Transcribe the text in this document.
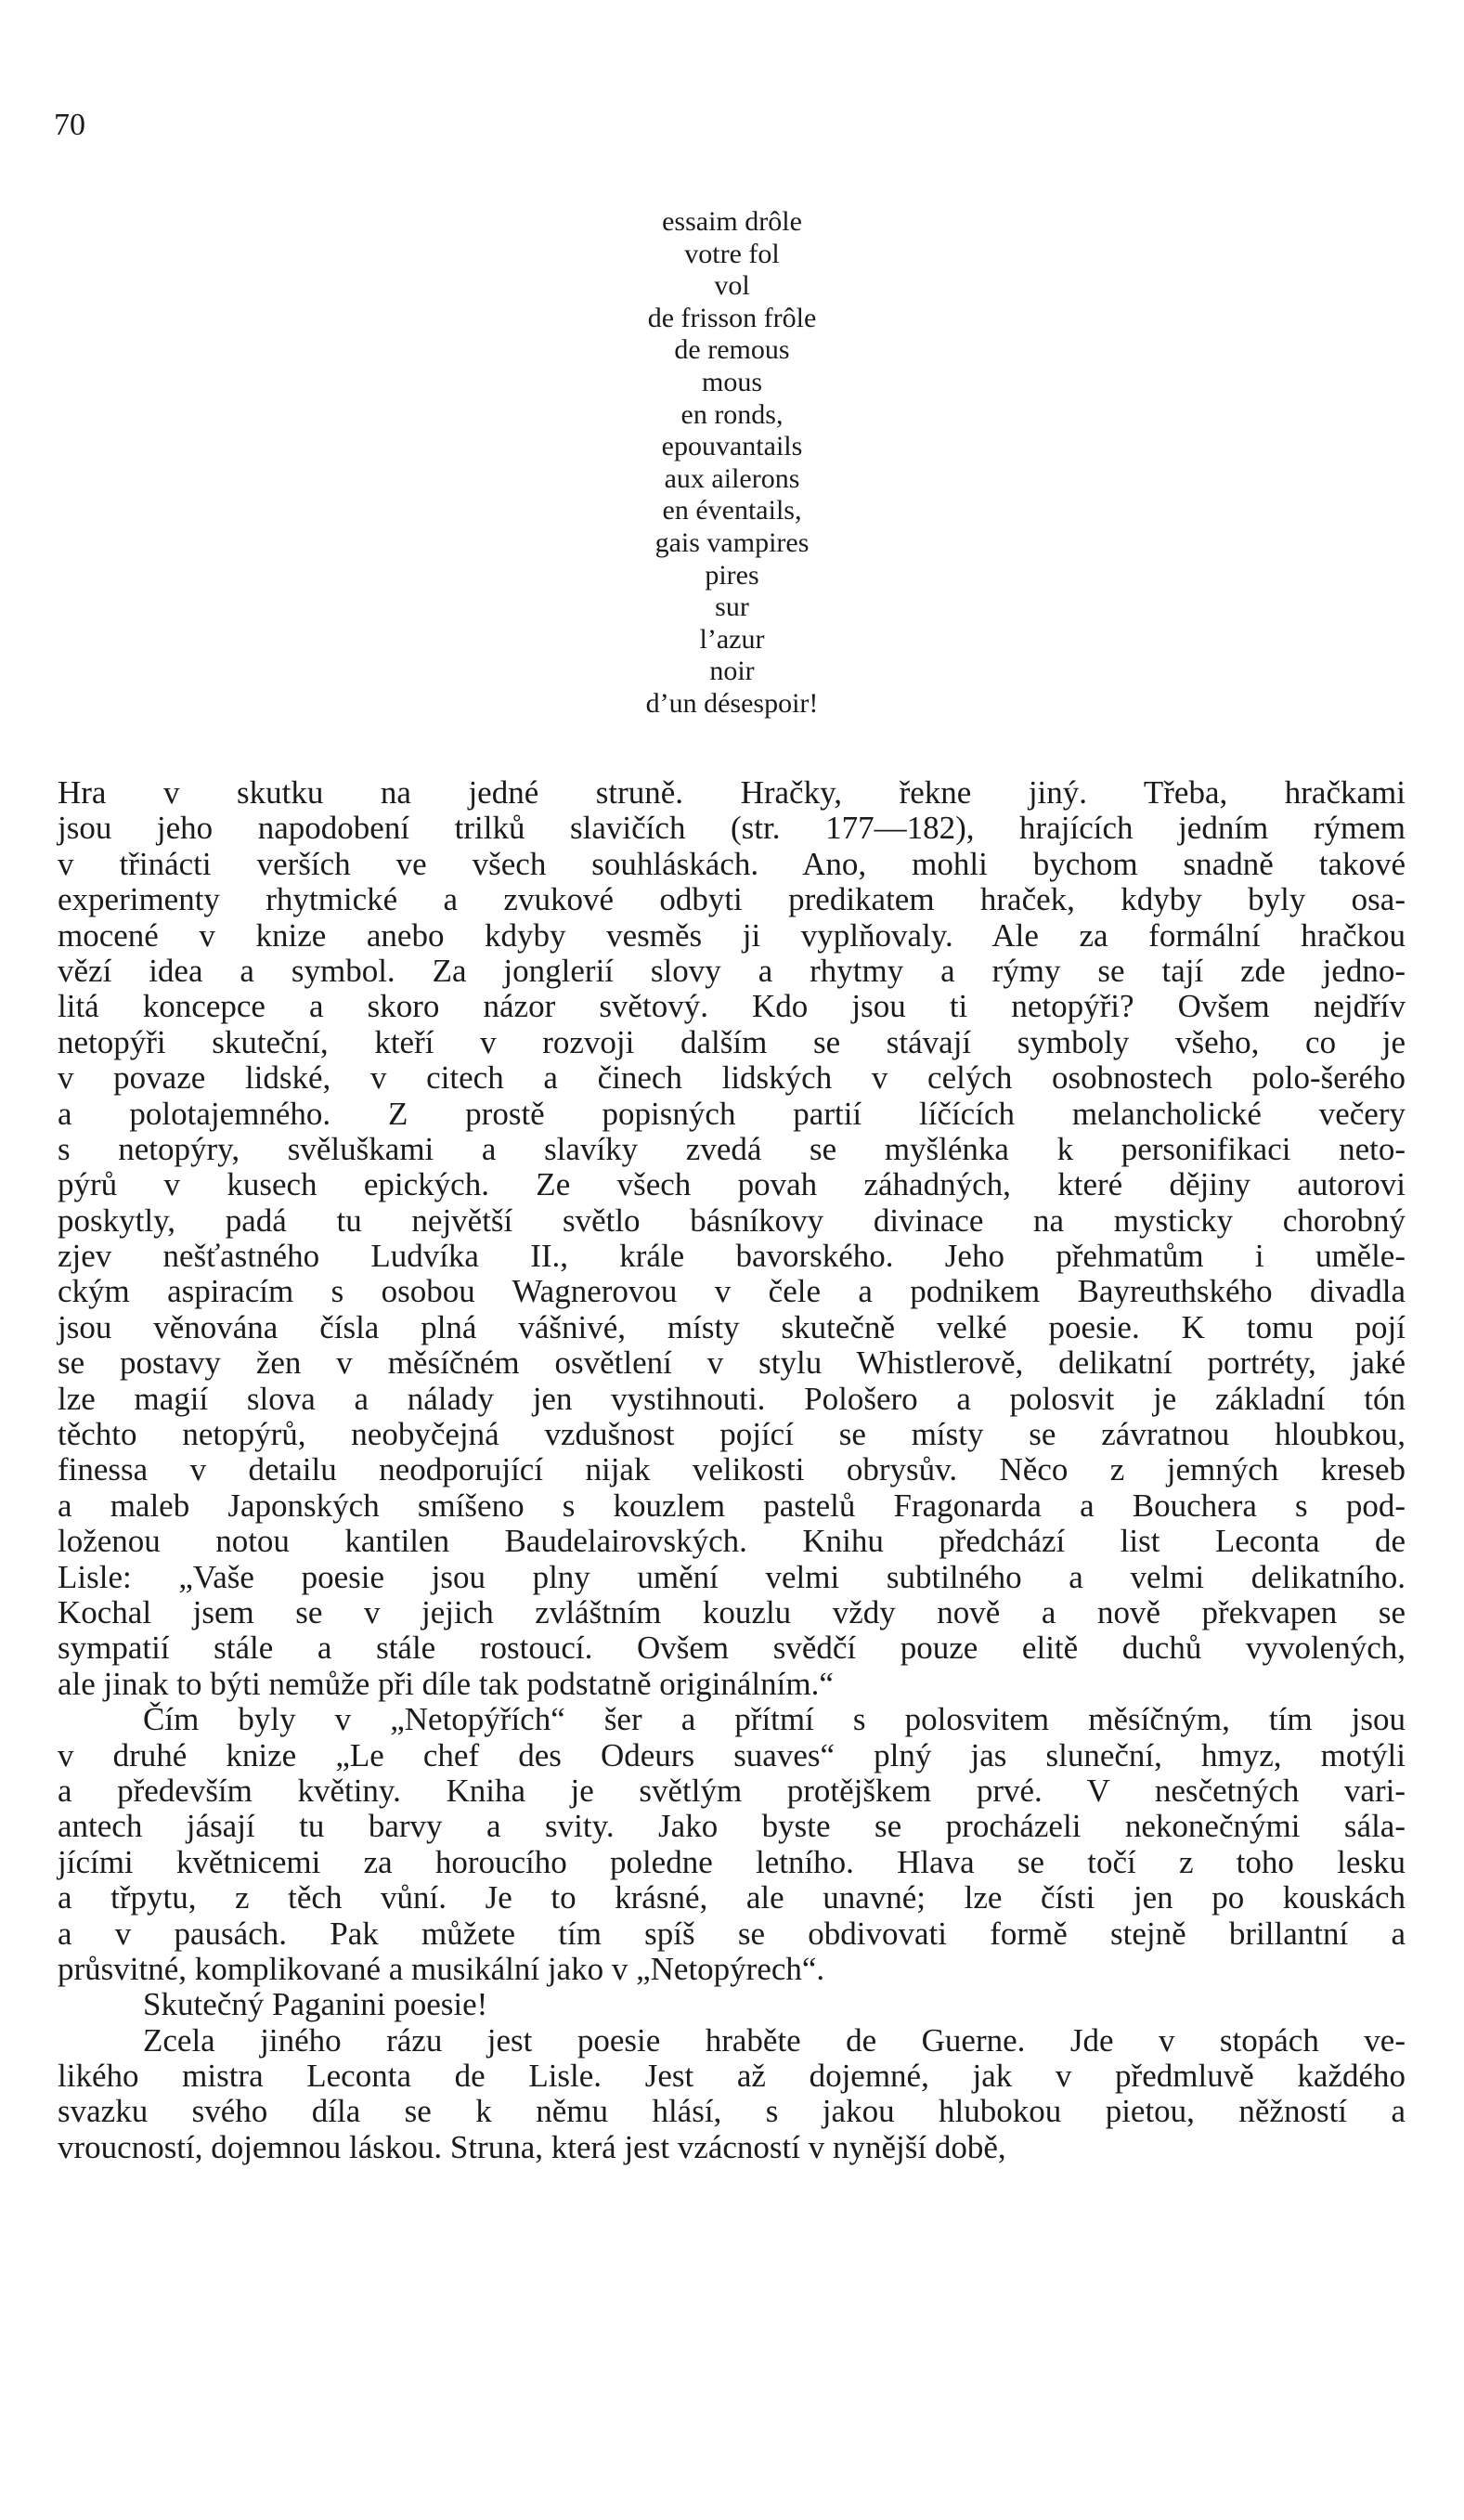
70
essaim drôle
votre fol
vol
de frisson frôle
de remous
mous
en ronds,
epouvantails
aux ailerons
en éventails,
gais vampires
pires
sur
l’azur
noir
d’un désespoir!
Hra v skutku na jedné struně. Hračky, řekne jiný. Třeba, hračkami
jsou jeho napodobení trilků slavičích (str. 177—182), hrajících jedním rýmem
v třinácti verších ve všech souhláskách. Ano, mohli bychom snadně takové
experimenty rhytmické a zvukové odbyti predikatem hraček, kdyby byly osa-
mocené v knize anebo kdyby vesměs ji vyplňovaly. Ale za formální hračkou
vězí idea a symbol. Za jonglerií slovy a rhytmy a rýmy se tají zde jedno-
litá koncepce a skoro názor světový. Kdo jsou ti netopýři? Ovšem nejdřív
netopýři skuteční, kteří v rozvoji dalším se stávají symboly všeho, co je
v povaze lidské, v citech a činech lidských v celých osobnostech polo-šerého
a polotajemného. Z prostě popisných partií líčících melancholické večery
s netopýry, svěluškami a slavíky zvedá se myšlénka k personifikaci neto-
pýrů v kusech epických. Ze všech povah záhadných, které dějiny autorovi
poskytly, padá tu největší světlo básníkovy divinace na mysticky chorobný
zjev nešťastného Ludvíka II., krále bavorského. Jeho přehmatům i uměle-
ckým aspiracím s osobou Wagnerovou v čele a podnikem Bayreuthského divadla
jsou věnována čísla plná vášnivé, místy skutečně velké poesie. K tomu pojí
se postavy žen v měsíčném osvětlení v stylu Whistlerově, delikatní portréty, jaké
lze magií slova a nálady jen vystihnouti. Pološero a polosvit je základní tón
těchto netopýrů, neobyčejná vzdušnost pojící se místy se závratnou hloubkou,
finessa v detailu neodporující nijak velikosti obrysův. Něco z jemných kreseb
a maleb Japonských smíšeno s kouzlem pastelů Fragonarda a Bouchera s pod-
loženou notou kantilen Baudelairovských. Knihu předchází list Leconta de
Lisle: „Vaše poesie jsou plny umění velmi subtilného a velmi delikatního.
Kochal jsem se v jejich zvláštním kouzlu vždy nově a nově překvapen se
sympatií stále a stále rostoucí. Ovšem svědčí pouze elitě duchů vyvolených,
ale jinak to býti nemůže při díle tak podstatně originálním.“
Čím byly v „Netopýřích“ šer a přítmí s polosvitem měsíčným, tím jsou
v druhé knize „Le chef des Odeurs suaves“ plný jas sluneční, hmyz, motýli
a především květiny. Kniha je světlým protějškem prvé. V nesčetných vari-
antech jásají tu barvy a svity. Jako byste se procházeli nekonečnými sála-
jícími květnicemi za horoucího poledne letního. Hlava se točí z toho lesku
a třpytu, z těch vůní. Je to krásné, ale unavné; lze čísti jen po kouskách
a v pausách. Pak můžete tím spíš se obdivovati formě stejně brillantní a
průsvitné, komplikované a musikální jako v „Netopýrech“.
Skutečný Paganini poesie!
Zcela jiného rázu jest poesie hraběte de Guerne. Jde v stopách ve-
likého mistra Leconta de Lisle. Jest až dojemné, jak v předmluvě každého
svazku svého díla se k němu hlásí, s jakou hlubokou pietou, něžností a
vroucností, dojemnou láskou. Struna, která jest vzácností v nynější době,
